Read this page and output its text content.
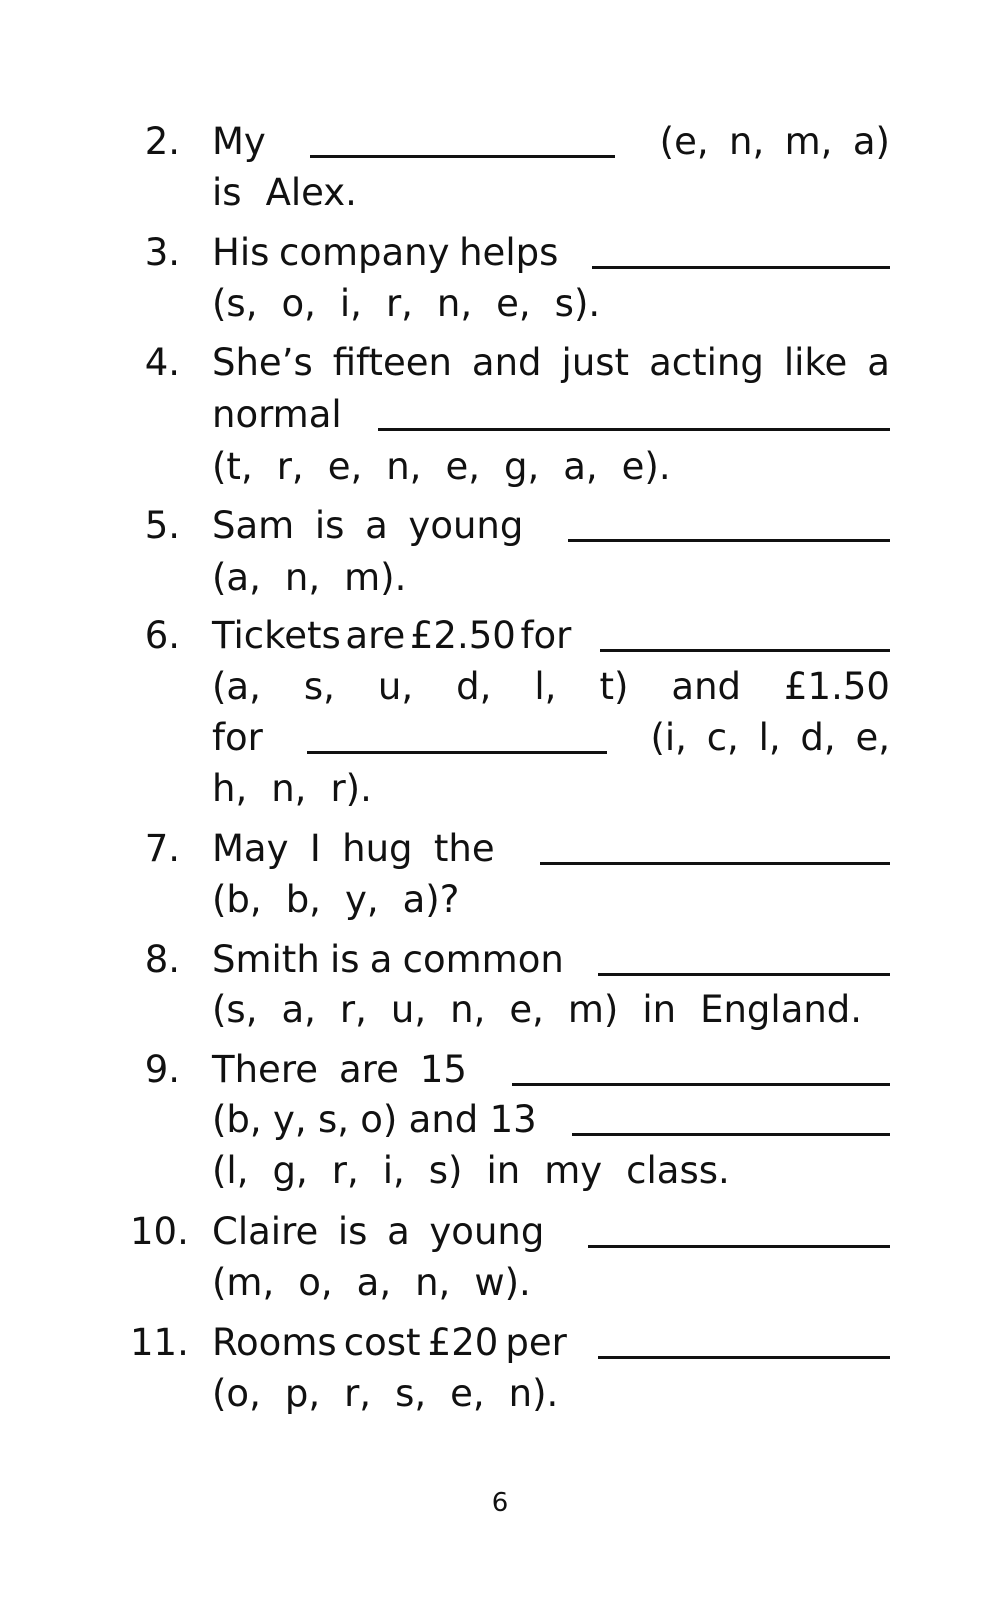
2. My	(e, n, m, a)
is Alex.
3. His company helps
(s, o, i, r, n, e, s).
4. She’s fifteen and just acting like a
normal
(t, r, e, n, e, g, a, e).
5. Sam is a young
(a, n, m).
6. Tickets are £2.50 for
(a, s, u, d, l, t) and £1.50
for	(i, c, l, d, e,
h, n, r).
7. May I hug the
(b, b, y, a)?
8. Smith is a common
(s, a, r, u, n, e, m) in England.
9. There are 15
(b, y, s, o) and 13
(l, g, r, i, s) in my class.
10. Claire is a young
(m, o, a, n, w).
11. Rooms cost £20 per
(o, p, r, s, e, n).
6
